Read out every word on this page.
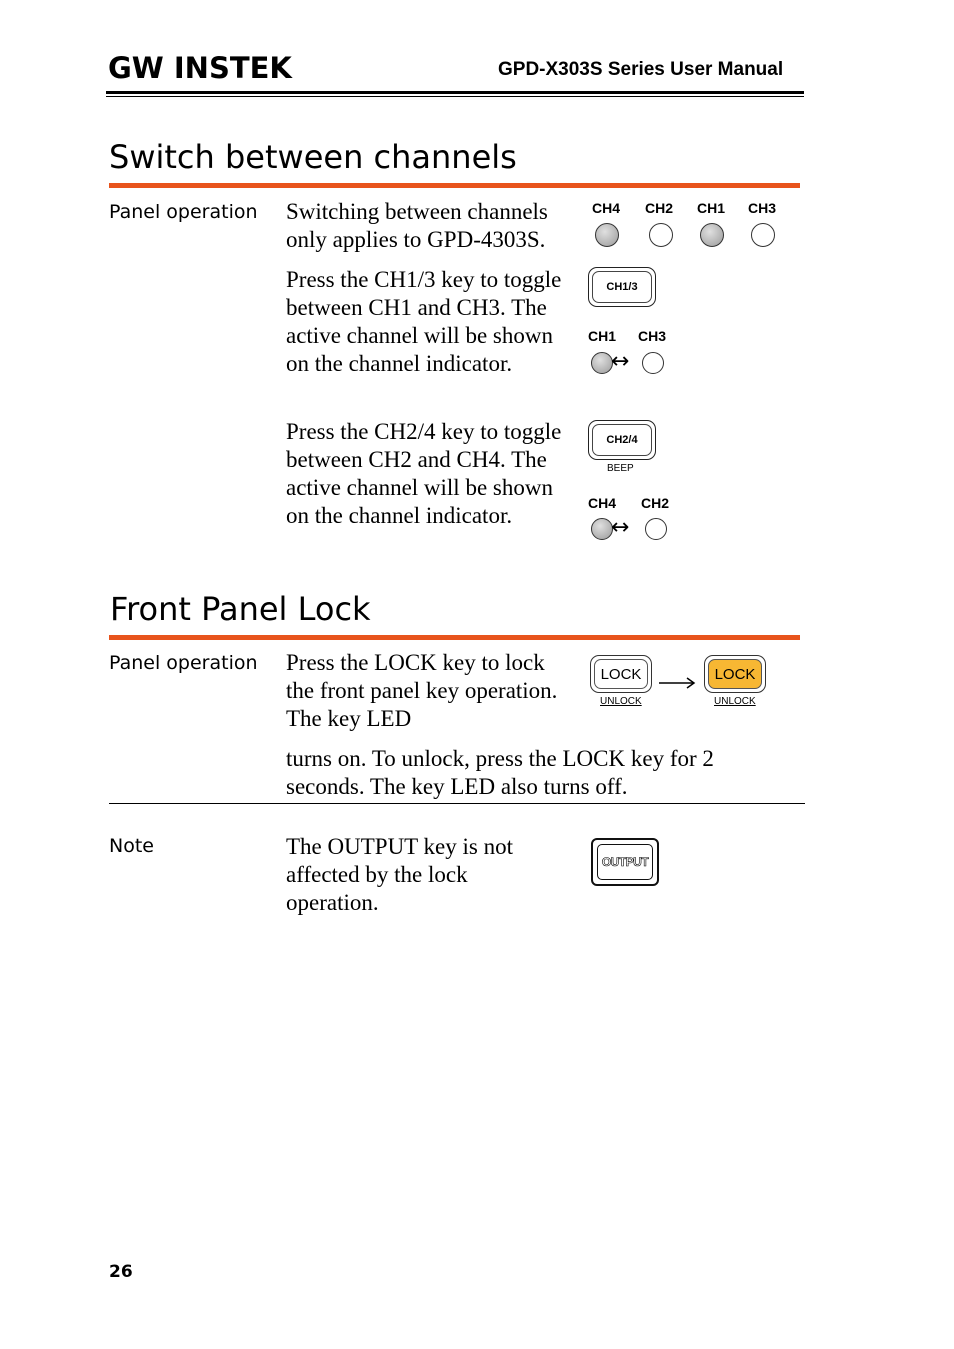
GW INSTEK	GPD-X303S Series User Manual
Switch between channels
Panel operation Switching between channels only applies to GPD-4303S.
Press the CH1/3 key to toggle between CH1 and CH3. The active channel will be shown on the channel indicator.
Press the CH2/4 key to toggle between CH2 and CH4. The active channel will be shown on the channel indicator.
CH4 CH2 CH1 CH3
CH1/3
CH1 CH3
↔
CH2/4
BEEP
CH4 CH2
↔
Front Panel Lock
Panel operation Press the LOCK key to lock the front panel key operation. The key LED
turns on. To unlock, press the LOCK key for 2 seconds. The key LED also turns off.
LOCK
UNLOCK
LOCK
UNLOCK
Note	The OUTPUT key is not affected by the lock operation.
OUTPUT
26
